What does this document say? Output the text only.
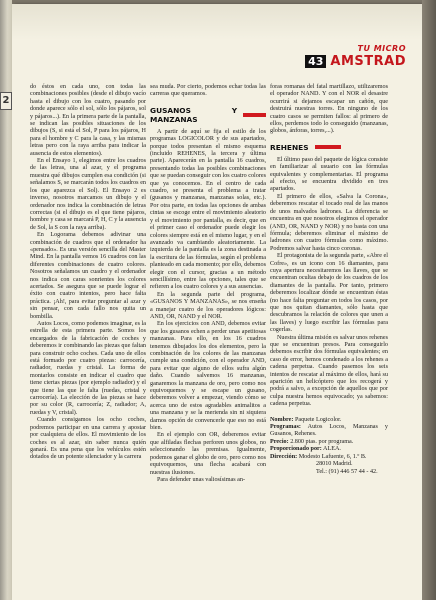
2
TU MICRO
43 AMSTRAD

do éstos en cada uno, con todas las combinaciones posibles (desde el dibujo vacío hasta el dibujo con los cuatro, pasando por donde aparece sólo el sol, sólo los pájaros, sol y pájaros...). En la primera parte de la pantalla, se indican las posibles situaciones de los dibujos (S, si está el Sol, P para los pájaros, H para el hombre y C para la casa, y las mismas letras pero con la raya arriba para indicar la ausencia de estos elementos).

En el Ensayo 1, elegimos entre los cuadros de las letras, una al azar, y el programa muestra qué dibujos cumplen esa condición (si señalamos S, se marcarán todos los cuadros en los que aparezca el Sol). El Ensayo 2 es inverso, nosotros marcamos un dibujo y el ordenador nos indica la combinación de letras correctas (si el dibujo es el que tiene pájaros, hombre y casa se marcará P, H, C y la ausencia de Sol, la S con la raya arriba).

En Logorama debemos adivinar una combinación de cuadros que el ordenador ha «pensado». Es una versión sencilla del Master Mind. En la pantalla vemos 16 cuadros con las diferentes combinaciones de cuatro colores. Nosotros señalamos un cuadro y el ordenador nos indica con caras sonrientes los colores acertados. Se asegura que se puede lograr el éxito con cuatro intentos, pero hace falta práctica. ¡Ah!, para evitar preguntar al azar y sin pensar, con cada fallo nos quita un bombilla.

Autos Locos, como podemos imaginar, es la estrella de esta primera parte. Somos los encargados de la fabricación de coches y deberemos ir combinando las piezas que faltan para construir ocho coches. Cada uno de ellos está formado por cuatro piezas: carrocería, radiador, ruedas y cristal. La forma de montarlos consiste en indicar el cuadro que tiene ciertas piezas (por ejemplo radiador) y el que tiene las que le falta (ruedas, cristal y carrocería). La elección de las piezas se hace por su color (R, carrocería; Z, radiador; A, ruedas y V, cristal).

Cuando consigamos los ocho coches, podremos participar en una carrera y apostar por cualquiera de ellos. El movimiento de los coches es al azar, sin saber nunca quién ganará. Es una pena que los vehículos estén dotados de un potente silenciador y la carrera

sea muda. Por cierto, podemos echar todas las carreras que queramos.

GUSANOS Y MANZANAS

A partir de aquí se fija el estilo de los programas LOGICOLOR y de sus apartados, porque todos presentan el mismo esquema (incluido REHENES, la tercera y última parte). Aparecerán en la pantalla 16 cuadros, presentando todas las posibles combinaciones que se puedan conseguir con los cuatro colores que ya conocemos. En el centro de cada cuadro, se presenta el problema a tratar (gusanos y manzanas, manzanas solas, etc.). Por otra parte, en todas las opciones de ambas cintas se escoge entre el movimiento aleatorio y el movimiento por pantalla, es decir, que en el primer caso el ordenador puede elegir los colores siempre está en el mismo lugar, y en el avanzado va cambiando aleatoriamente. La izquierda de la pantalla es la zona destinada a la escritura de las fórmulas, según el problema planteado en cada momento; por ello, debemos elegir con el cursor, gracias a un método sencillísimo, entre las opciones, tales que se refieren a los cuatro colores y a sus ausencias.

En la segunda parte del programa, «GUSANOS Y MANZANAS», se nos enseña a manejar cuatro de los operadores lógicos: AND, OR, NAND y el NOR.

En los ejercicios con AND, debemos evitar que los gusanos echen a perder unas apetitosas manzanas. Para ello, en los 16 cuadros tenemos dibujados los dos elementos, pero la combinación de los colores de las manzanas cumple una condición, con el operador AND, para evitar que alguno de ellos sufra algún daño. Cuando salvemos 16 manzanas, ganaremos la manzana de oro, pero como nos equivoquemos y se escape un gusano, deberemos volver a empezar, viendo cómo se acerca uno de estos agradables animalitos a una manzana y se la merienda sin ni siquiera darnos opción de convencerle que eso no está bien.

En el ejemplo con OR, deberemos evitar que alfiladas flechas perforen unos globos, no seleccionando las premisas. Igualmente, podemos ganar el globo de oro, pero como nos equivoquemos, una flecha acabará con nuestras ilusiones.

Para defender unas valiosísimas an-

foras romanas del fatal martillazo, utilizaremos el operador NAND. Y con el NOR el desastre ocurrirá si dejamos escapar un cañón, que destruirá nuestras torres. En ninguno de los cuatro casos se permiten fallos: al primero de ellos, perdemos todo lo conseguido (manzanas, globos, ánforas, torres,...).

REHENES

El último paso del paquete de lógica consiste en familiarizar al usuario con las fórmulas equivalentes y complementarias. El programa al efecto, se encuentra dividido en tres apartados.

El primero de ellos, «Salva la Corona», deberemos rescatar el tocado real de las manos de unos malvados ladrones. La diferencia se encuentra en que nosotros elegimos el operador (AND, OR, NAND y NOR) y no basta con una fórmula; deberemos eliminar el máximo de ladrones con cuatro fórmulas como máximo. Podremos salvar hasta cinco coronas.

El protagonista de la segunda parte, «Abre el Cofre», es un icono con 16 diamantes, para cuya apertura necesitaremos las llaves, que se encuentran ocultas debajo de los cuadros de los diamantes de la pantalla. Por tanto, primero deberemos localizar dónde se encuentran éstas (no hace falta preguntar en todos los casos, por que nos quitan diamantes, sólo hasta que descubramos la relación de colores que unen a las llaves) y luego escribir las fórmulas para cogerlas.

Nuestra última misión es salvar unos rehenes que se encuentran presos. Para conseguirlo debemos escribir dos fórmulas equivalentes; en caso de error, hemos condenado a los rehenes a cadena perpetua. Cuando pasemos los seis intentos de rescatar al máximo de ellos, hará su aparición un helicóptero que los recogerá y podrá a salvo, a excepción de aquellos que por culpa nuestra hemos equivocado; ya sabemos: cadena perpetua.

Nombre: Paquete Logicolor.

Programas: Autos Locos, Manzanas y Gusanos, Rehenes.

Precio: 2.800 ptas. por programa.

Proporcionado por: ALEA.

Dirección: Modesto Lafuente, 6, 1.º B.

28010 Madrid.

Tel.: (91) 446 57 44 - 42.
